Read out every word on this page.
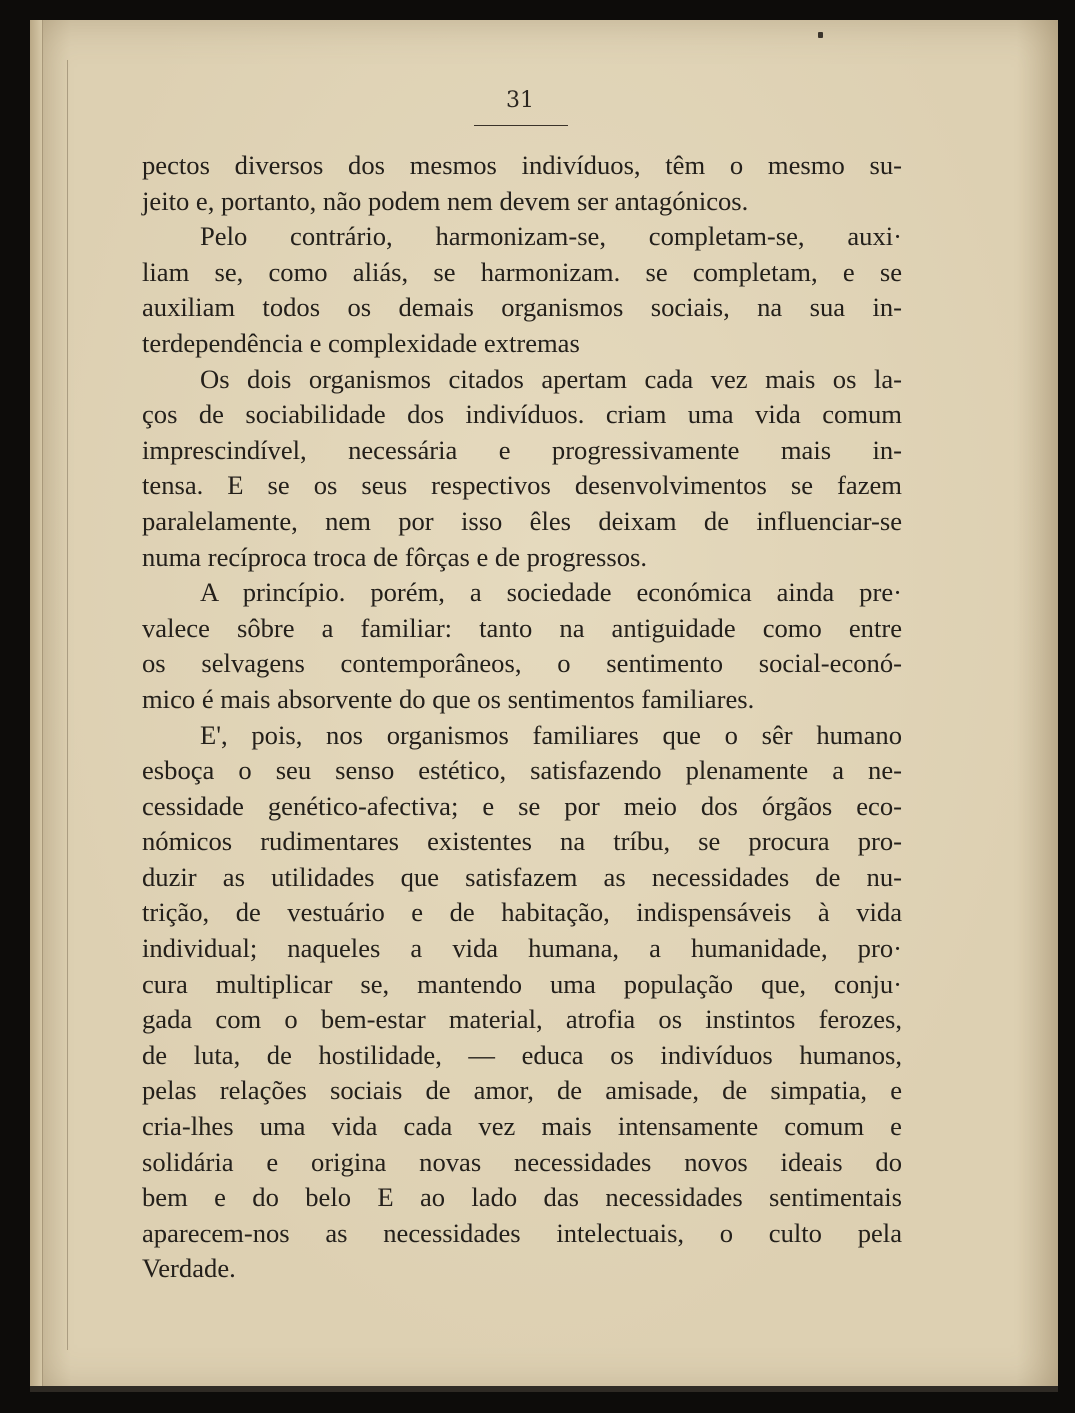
31
pectos diversos dos mesmos indivíduos, têm o mesmo su-
jeito e, portanto, não podem nem devem ser antagónicos.
Pelo contrário, harmonizam-se, completam-se, auxi·
liam se, como aliás, se harmonizam. se completam, e se
auxiliam todos os demais organismos sociais, na sua in-
terdependência e complexidade extremas
Os dois organismos citados apertam cada vez mais os la-
ços de sociabilidade dos indivíduos. criam uma vida comum
imprescindível, necessária e progressivamente mais in-
tensa. E se os seus respectivos desenvolvimentos se fazem
paralelamente, nem por isso êles deixam de influenciar-se
numa recíproca troca de fôrças e de progressos.
A princípio. porém, a sociedade económica ainda pre·
valece sôbre a familiar: tanto na antiguidade como entre
os selvagens contemporâneos, o sentimento social-econó-
mico é mais absorvente do que os sentimentos familiares.
E', pois, nos organismos familiares que o sêr humano
esboça o seu senso estético, satisfazendo plenamente a ne-
cessidade genético-afectiva; e se por meio dos órgãos eco-
nómicos rudimentares existentes na tríbu, se procura pro-
duzir as utilidades que satisfazem as necessidades de nu-
trição, de vestuário e de habitação, indispensáveis à vida
individual; naqueles a vida humana, a humanidade, pro·
cura multiplicar se, mantendo uma população que, conju·
gada com o bem-estar material, atrofia os instintos ferozes,
de luta, de hostilidade, — educa os indivíduos humanos,
pelas relações sociais de amor, de amisade, de simpatia, e
cria-lhes uma vida cada vez mais intensamente comum e
solidária e origina novas necessidades novos ideais do
bem e do belo E ao lado das necessidades sentimentais
aparecem-nos as necessidades intelectuais, o culto pela
Verdade.
